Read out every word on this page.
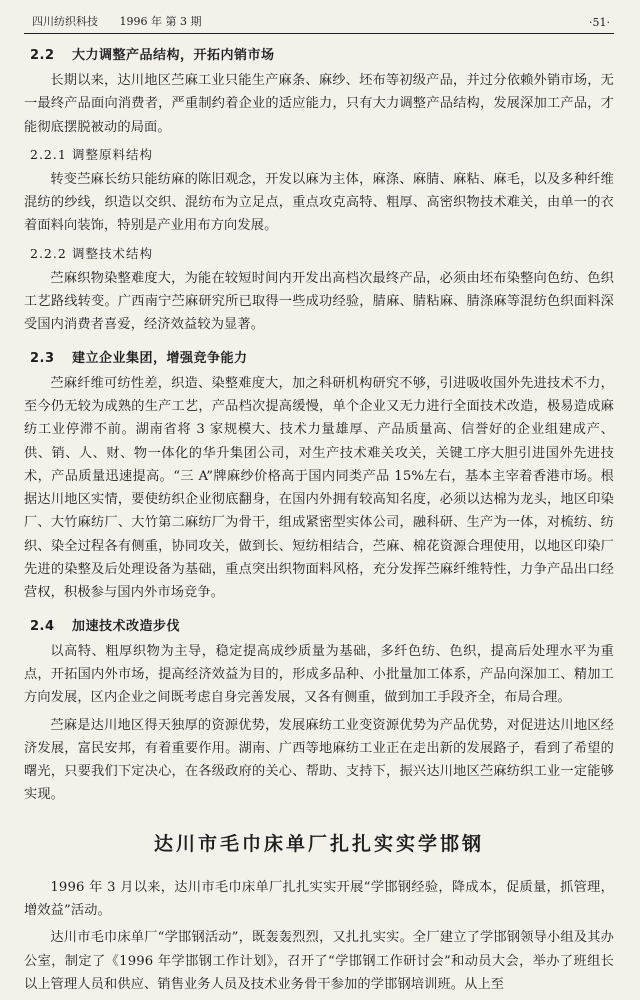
四川纺织科技 1996 年 第 3 期	·51·
2.2 大力调整产品结构，开拓内销市场

长期以来，达川地区苎麻工业只能生产麻条、麻纱、坯布等初级产品，并过分依赖外销市场，无一最终产品面向消费者，严重制约着企业的适应能力，只有大力调整产品结构，发展深加工产品，才能彻底摆脱被动的局面。

2.2.1 调整原料结构

转变苎麻长纺只能纺麻的陈旧观念，开发以麻为主体，麻涤、麻腈、麻粘、麻毛，以及多种纤维混纺的纱线，织造以交织、混纺布为立足点，重点攻克高特、粗厚、高密织物技术难关，由单一的衣着面料向装饰，特别是产业用布方向发展。

2.2.2 调整技术结构

苎麻织物染整难度大，为能在较短时间内开发出高档次最终产品，必须由坯布染整向色纺、色织工艺路线转变。广西南宁苎麻研究所已取得一些成功经验，腈麻、腈粘麻、腈涤麻等混纺色织面料深受国内消费者喜爱，经济效益较为显著。

2.3 建立企业集团，增强竞争能力

苎麻纤维可纺性差，织造、染整难度大，加之科研机构研究不够，引进吸收国外先进技术不力，至今仍无较为成熟的生产工艺，产品档次提高缓慢，单个企业又无力进行全面技术改造，极易造成麻纺工业停滞不前。湖南省将 3 家规模大、技术力量雄厚、产品质量高、信誉好的企业组建成产、供、销、人、财、物一体化的华升集团公司，对生产技术难关攻关，关键工序大胆引进国外先进技术，产品质量迅速提高。“三 A”牌麻纱价格高于国内同类产品 15%左右，基本主宰着香港市场。根据达川地区实情，要使纺织企业彻底翻身，在国内外拥有较高知名度，必须以达棉为龙头，地区印染厂、大竹麻纺厂、大竹第二麻纺厂为骨干，组成紧密型实体公司，融科研、生产为一体，对梳纺、纺织、染全过程各有侧重，协同攻关，做到长、短纺相结合，苎麻、棉花资源合理使用，以地区印染厂先进的染整及后处理设备为基础，重点突出织物面料风格，充分发挥苎麻纤维特性，力争产品出口经营权，积极参与国内外市场竞争。

2.4 加速技术改造步伐

以高特、粗厚织物为主导，稳定提高成纱质量为基础，多纤色纺、色织，提高后处理水平为重点，开拓国内外市场，提高经济效益为目的，形成多品种、小批量加工体系，产品向深加工、精加工方向发展，区内企业之间既考虑自身完善发展，又各有侧重，做到加工手段齐全，布局合理。

苎麻是达川地区得天独厚的资源优势，发展麻纺工业变资源优势为产品优势，对促进达川地区经济发展，富民安邦，有着重要作用。湖南、广西等地麻纺工业正在走出新的发展路子，看到了希望的曙光，只要我们下定决心，在各级政府的关心、帮助、支持下，振兴达川地区苎麻纺织工业一定能够实现。

达川市毛巾床单厂扎扎实实学邯钢

1996 年 3 月以来，达川市毛巾床单厂扎扎实实开展“学邯钢经验，降成本，促质量，抓管理，增效益”活动。

达川市毛巾床单厂“学邯钢活动”，既轰轰烈烈，又扎扎实实。全厂建立了学邯钢领导小组及其办公室，制定了《1996 年学邯钢工作计划》，召开了“学邯钢工作研讨会”和动员大会，举办了班组长以上管理人员和供应、销售业务人员及技术业务骨干参加的学邯钢培训班。从上至
